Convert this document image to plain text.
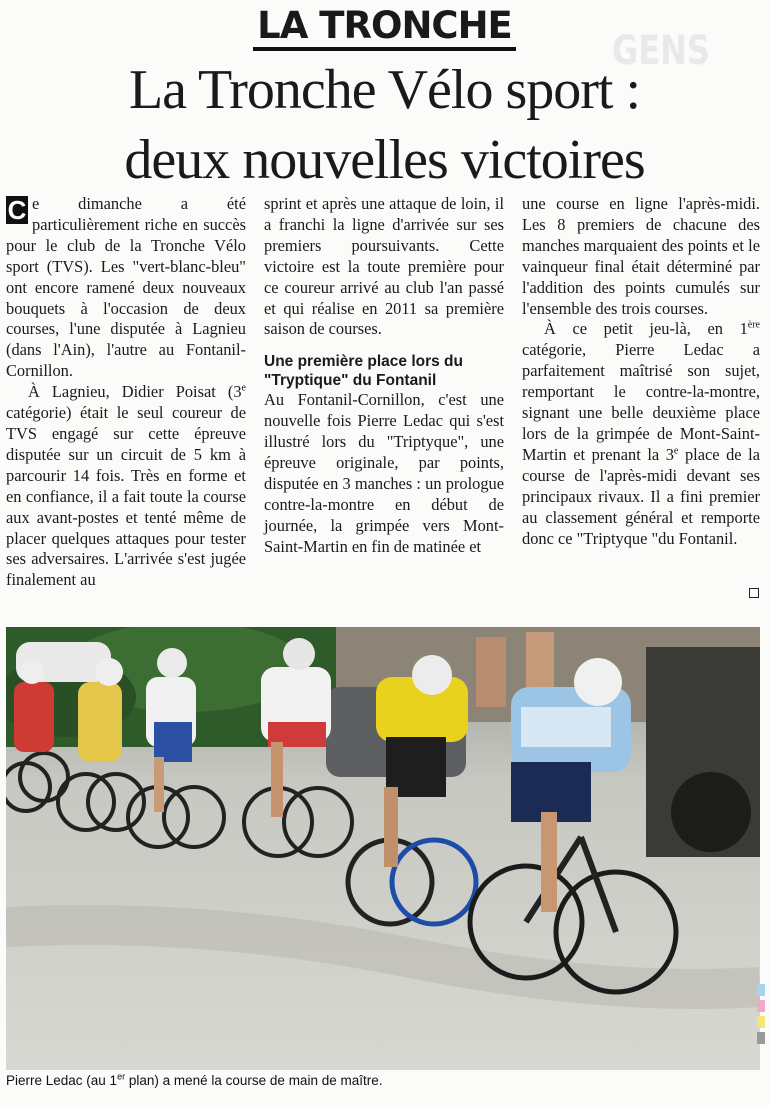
GENS
LA TRONCHE
La Tronche Vélo sport :
deux nouvelles victoires

C e dimanche a été particulièrement riche en succès pour le club de la Tronche Vélo sport (TVS). Les "vert-blanc-bleu" ont encore ramené deux nouveaux bouquets à l'occasion de deux courses, l'une disputée à Lagnieu (dans l'Ain), l'autre au Fontanil-Cornillon.

À Lagnieu, Didier Poisat (3e catégorie) était le seul coureur de TVS engagé sur cette épreuve disputée sur un circuit de 5 km à parcourir 14 fois. Très en forme et en confiance, il a fait toute la course aux avant-postes et tenté même de placer quelques attaques pour tester ses adversaires. L'arrivée s'est jugée finalement au

sprint et après une attaque de loin, il a franchi la ligne d'arrivée sur ses premiers poursuivants. Cette victoire est la toute première pour ce coureur arrivé au club l'an passé et qui réalise en 2011 sa première saison de courses.

Une première place lors du "Tryptique" du Fontanil

Au Fontanil-Cornillon, c'est une nouvelle fois Pierre Ledac qui s'est illustré lors du "Triptyque", une épreuve originale, par points, disputée en 3 manches : un prologue contre-la-montre en début de journée, la grimpée vers Mont-Saint-Martin en fin de matinée et

une course en ligne l'après-midi. Les 8 premiers de chacune des manches marquaient des points et le vainqueur final était déterminé par l'addition des points cumulés sur l'ensemble des trois courses.

À ce petit jeu-là, en 1ère catégorie, Pierre Ledac a parfaitement maîtrisé son sujet, remportant le contre-la-montre, signant une belle deuxième place lors de la grimpée de Mont-Saint-Martin et prenant la 3e place de la course de l'après-midi devant ses principaux rivaux. Il a fini premier au classement général et remporte donc ce "Triptyque "du Fontanil.

Pierre Ledac (au 1er plan) a mené la course de main de maître.
